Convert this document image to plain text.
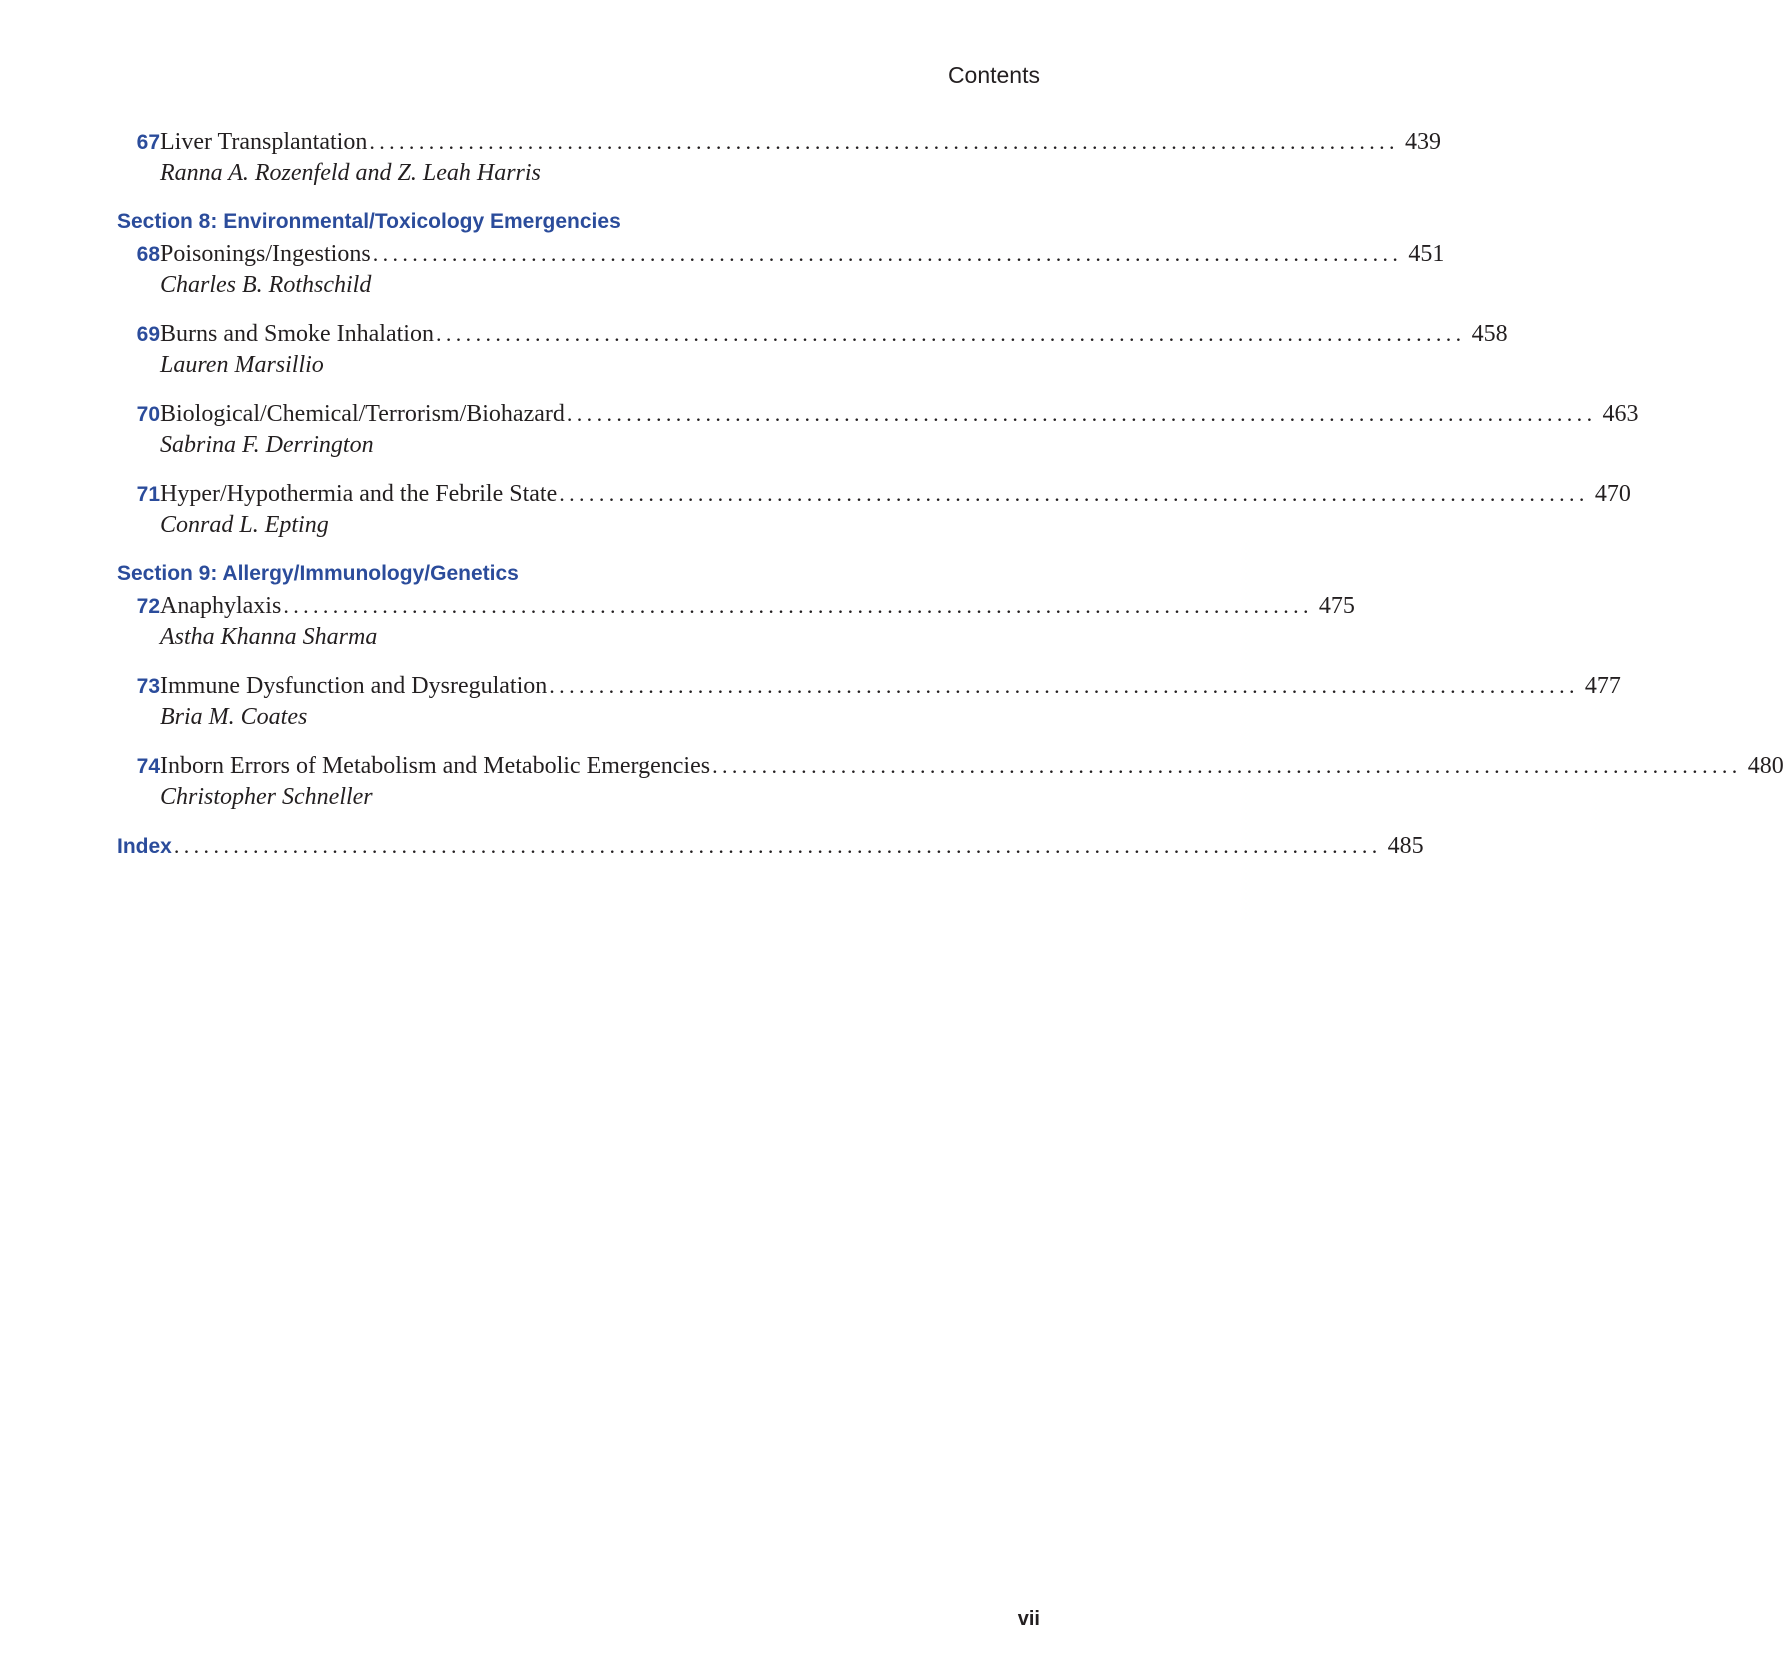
Contents
67 Liver Transplantation ........................................................................................................ 439
Ranna A. Rozenfeld and Z. Leah Harris
Section 8: Environmental/Toxicology Emergencies
68 Poisonings/Ingestions ........................................................................................................ 451
Charles B. Rothschild
69 Burns and Smoke Inhalation ........................................................................................................ 458
Lauren Marsillio
70 Biological/Chemical/Terrorism/Biohazard ........................................................................................................ 463
Sabrina F. Derrington
71 Hyper/Hypothermia and the Febrile State ........................................................................................................ 470
Conrad L. Epting
Section 9: Allergy/Immunology/Genetics
72 Anaphylaxis ........................................................................................................ 475
Astha Khanna Sharma
73 Immune Dysfunction and Dysregulation ........................................................................................................ 477
Bria M. Coates
74 Inborn Errors of Metabolism and Metabolic Emergencies ........................................................................................................ 480
Christopher Schneller
Index .......................................................................................................................... 485
vii
